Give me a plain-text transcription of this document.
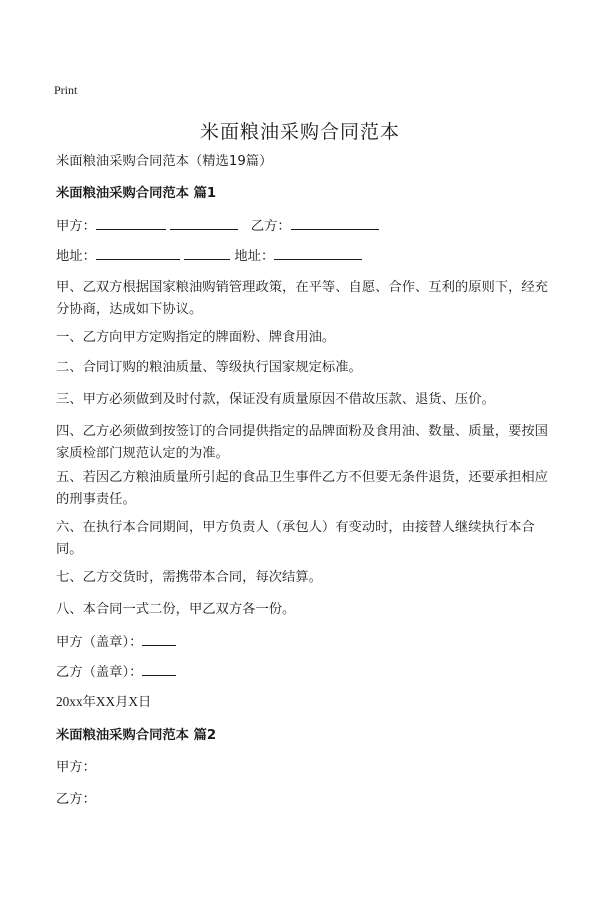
Print
米面粮油采购合同范本
米面粮油采购合同范本（精选19篇）
米面粮油采购合同范本 篇1
甲方：	乙方：
地址：	地址：
甲、乙双方根据国家粮油购销管理政策，在平等、自愿、合作、互利的原则下，经充分协商，达成如下协议。
一、乙方向甲方定购指定的牌面粉、牌食用油。
二、合同订购的粮油质量、等级执行国家规定标准。
三、甲方必须做到及时付款，保证没有质量原因不借故压款、退货、压价。
四、乙方必须做到按签订的合同提供指定的品牌面粉及食用油、数量、质量，要按国家质检部门规范认定的为准。
五、若因乙方粮油质量所引起的食品卫生事件乙方不但要无条件退货，还要承担相应的刑事责任。
六、在执行本合同期间，甲方负责人（承包人）有变动时，由接替人继续执行本合同。
七、乙方交货时，需携带本合同，每次结算。
八、本合同一式二份，甲乙双方各一份。
甲方（盖章）：
乙方（盖章）：
20xx年XX月X日
米面粮油采购合同范本 篇2
甲方：
乙方：
